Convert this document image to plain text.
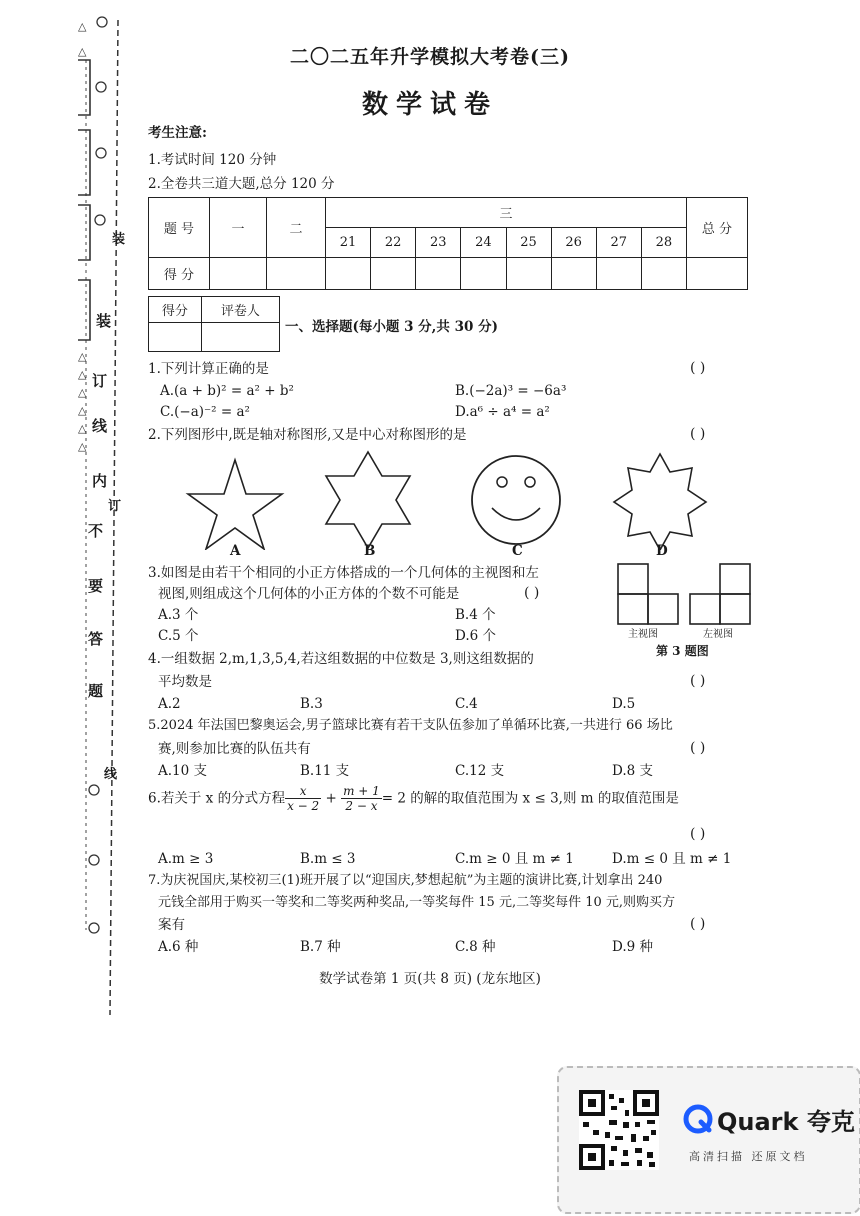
△
△
△
△
△
△
△
△
装
订
线
内
不
要
答
题
装
订
线
二〇二五年升学模拟大考卷(三)
数学试卷
考生注意:
1.考试时间 120 分钟
2.全卷共三道大题,总分 120 分
题 号	一	二	三								总 分
			21	22	23	24	25	26	27	28	
得 分											
得分	评卷人

一、选择题(每小题 3 分,共 30 分)
1.下列计算正确的是	( )
A.(a + b)² = a² + b²	B.(−2a)³ = −6a³
C.(−a)⁻² = a²	D.a⁶ ÷ a⁴ = a²
2.下列图形中,既是轴对称图形,又是中心对称图形的是	( )
A	B	C	D
3.如图是由若干个相同的小正方体搭成的一个几何体的主视图和左
视图,则组成这个几何体的小正方体的个数不可能是	( )
A.3 个	B.4 个
C.5 个	D.6 个	主视图	左视图
第 3 题图
4.一组数据 2,m,1,3,5,4,若这组数据的中位数是 3,则这组数据的
平均数是	( )
A.2	B.3	C.4	D.5
5.2024 年法国巴黎奥运会,男子篮球比赛有若干支队伍参加了单循环比赛,一共进行 66 场比
赛,则参加比赛的队伍共有	( )
A.10 支	B.11 支	C.12 支	D.8 支
6.若关于 x 的分式方程 $\frac{x}{x - 2} + \frac{m + 1}{2 - x} = 2$ 的解的取值范围为 x ≤ 3,则 m 的取值范围是
( )
A.m ≥ 3	B.m ≤ 3	C.m ≥ 0 且 m ≠ 1	D.m ≤ 0 且 m ≠ 1
7.为庆祝国庆,某校初三(1)班开展了以“迎国庆,梦想起航”为主题的演讲比赛,计划拿出 240
元钱全部用于购买一等奖和二等奖两种奖品,一等奖每件 15 元,二等奖每件 10 元,则购买方
案有	( )
A.6 种	B.7 种	C.8 种	D.9 种
数学试卷第 1 页(共 8 页) (龙东地区)
Quark 夸克
高清扫描 还原文档
